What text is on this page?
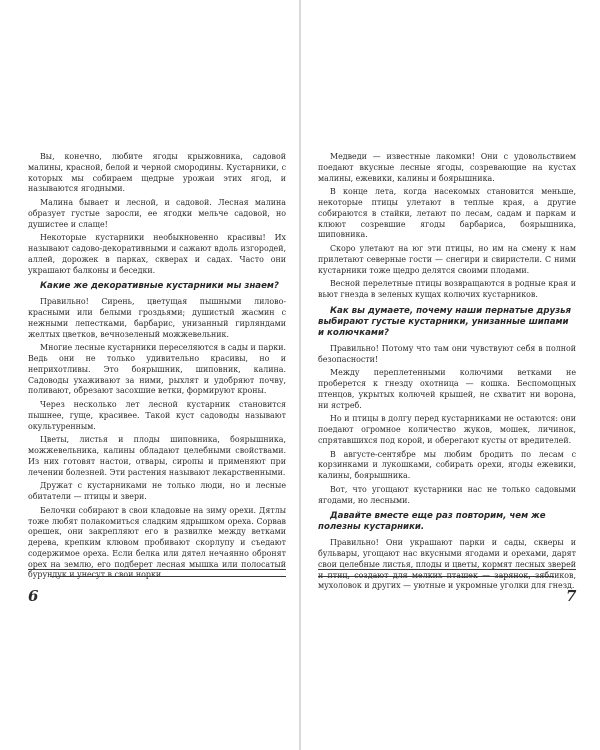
Вы, конечно, любите ягоды крыжовника, садовой малины, красной, белой и черной смородины. Кустарники, с которых мы собираем щедрые урожаи этих ягод, и называются ягодными.

Малина бывает и лесной, и садовой. Лесная малина образует густые заросли, ее ягодки мельче садовой, но душистее и слаще!

Некоторые кустарники необыкновенно красивы! Их называют садово-декоративными и сажают вдоль изгородей, аллей, дорожек в парках, скверах и садах. Часто они украшают балконы и беседки.

Какие же декоративные кустарники мы знаем?

Правильно! Сирень, цветущая пышными лилово-красными или белыми гроздьями; душистый жасмин с нежными лепестками, барбарис, унизанный гирляндами желтых цветков, вечнозеленый можжевельник.

Многие лесные кустарники переселяются в сады и парки. Ведь они не только удивительно красивы, но и неприхотливы. Это боярышник, шиповник, калина. Садоводы ухаживают за ними, рыхлят и удобряют почву, поливают, обрезают засохшие ветки, формируют кроны.

Через несколько лет лесной кустарник становится пышнее, гуще, красивее. Такой куст садоводы называют окультуренным.

Цветы, листья и плоды шиповника, боярышника, можжевельника, калины обладают целебными свойствами. Из них готовят настои, отвары, сиропы и применяют при лечении болезней. Эти растения называют лекарственными.

Дружат с кустарниками не только люди, но и лесные обитатели — птицы и звери.

Белочки собирают в свои кладовые на зиму орехи. Дятлы тоже любят полакомиться сладким ядрышком ореха. Сорвав орешек, они закрепляют его в развилке между ветками дерева, крепким клювом пробивают скорлупу и съедают содержимое ореха. Если белка или дятел нечаянно обронят орех на землю, его подберет лесная мышка или полосатый бурундук и унесут в свои норки.

Медведи — известные лакомки! Они с удовольствием поедают вкусные лесные ягоды, созревающие на кустах малины, ежевики, калины и боярышника.

В конце лета, когда насекомых становится меньше, некоторые птицы улетают в теплые края, а другие собираются в стайки, летают по лесам, садам и паркам и клюют созревшие ягоды барбариса, боярышника, шиповника.

Скоро улетают на юг эти птицы, но им на смену к нам прилетают северные гости — снегири и свиристели. С ними кустарники тоже щедро делятся своими плодами.

Весной перелетные птицы возвращаются в родные края и вьют гнезда в зеленых кущах колючих кустарников.

Как вы думаете, почему наши пернатые друзья выбирают густые кустарники, унизанные шипами и колючками?

Правильно! Потому что там они чувствуют себя в полной безопасности!

Между переплетенными колючими ветками не проберется к гнезду охотница — кошка. Беспомощных птенцов, укрытых колючей крышей, не схватит ни ворона, ни ястреб.

Но и птицы в долгу перед кустарниками не остаются: они поедают огромное количество жуков, мошек, личинок, спрятавшихся под корой, и оберегают кусты от вредителей.

В августе-сентябре мы любим бродить по лесам с корзинками и лукошками, собирать орехи, ягоды ежевики, калины, боярышника.

Вот, что угощают кустарники нас не только садовыми ягодами, но лесными.

Давайте вместе еще раз повторим, чем же полезны кустарники.

Правильно! Они украшают парки и сады, скверы и бульвары, угощают нас вкусными ягодами и орехами, дарят свои целебные листья, плоды и цветы, кормят лесных зверей и птиц, создают для мелких пташек — зарянок, зябликов, мухоловок и других — уютные и укромные уголки для гнезд.

6	7
